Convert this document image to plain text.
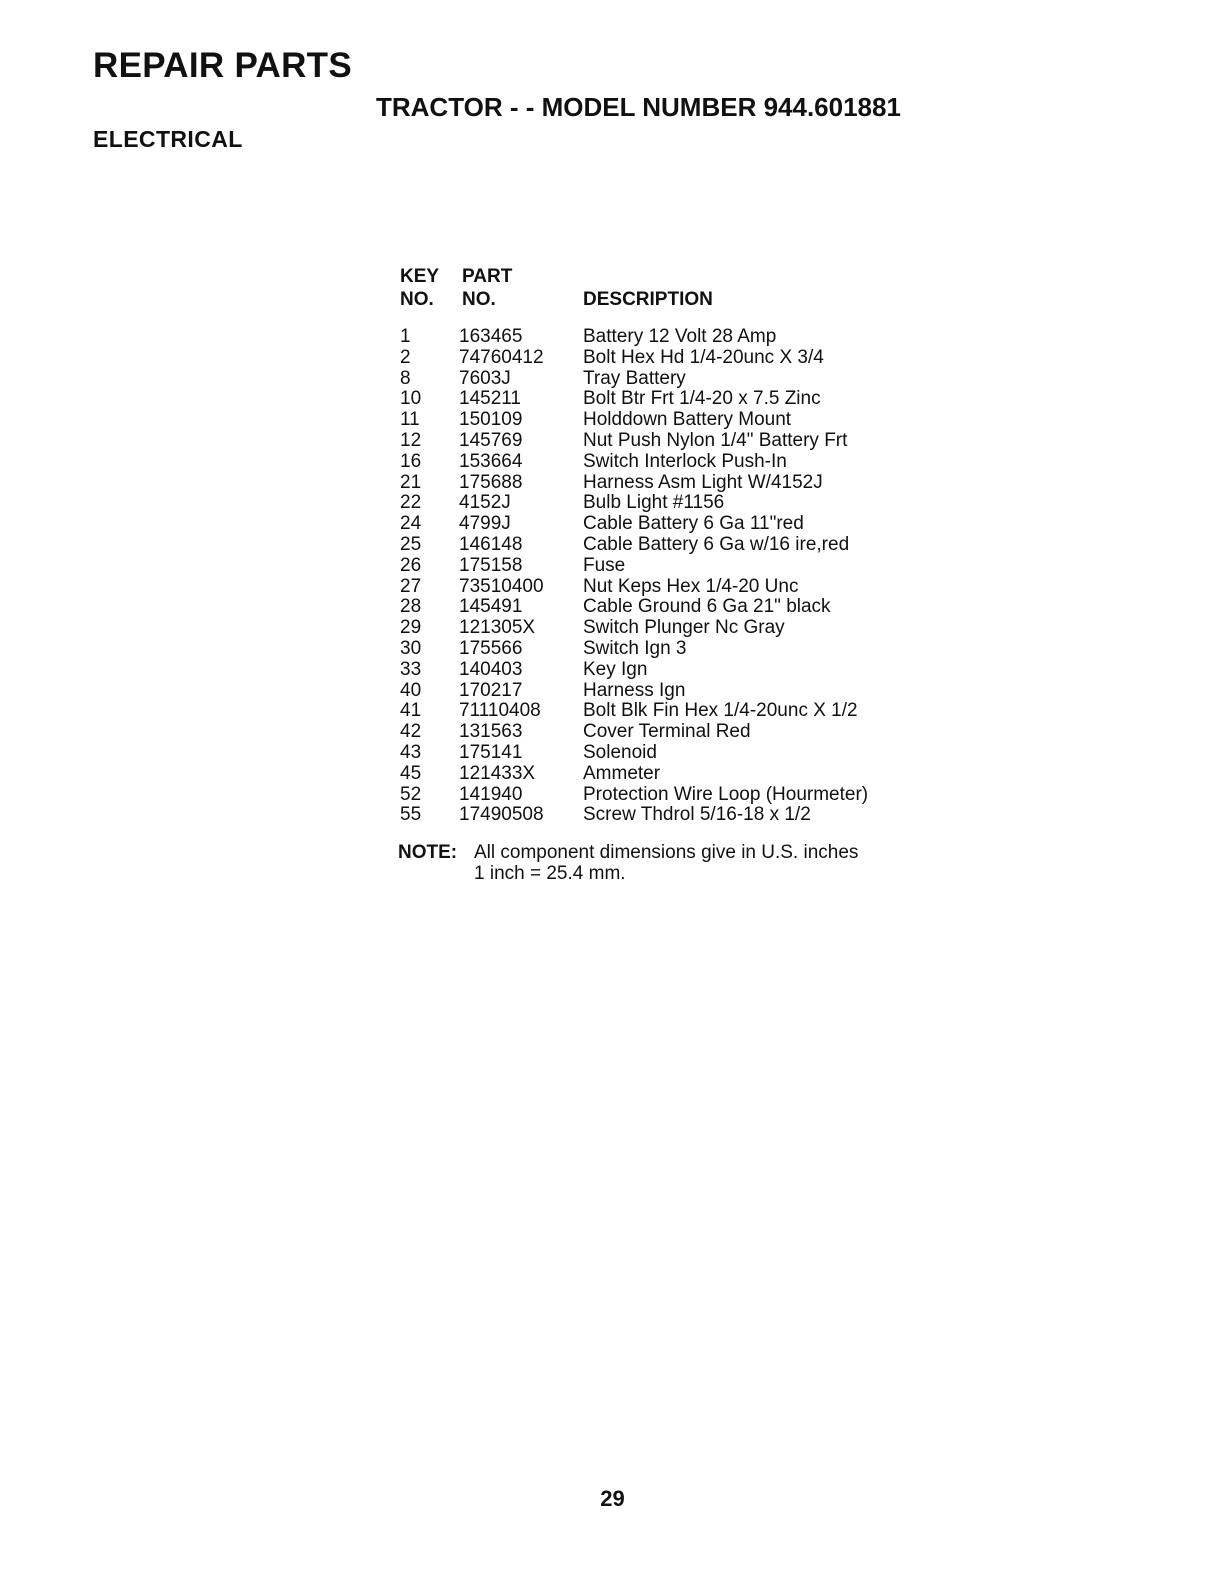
REPAIR PARTS
TRACTOR - - MODEL NUMBER 944.601881
ELECTRICAL
KEY
NO.
PART
NO.	DESCRIPTION
1	163465	Battery 12 Volt 28 Amp
2	74760412 Bolt Hex Hd 1/4-20unc X 3/4
8	7603J	Tray Battery
10 145211	Bolt Btr Frt 1/4-20 x 7.5 Zinc
11 150109	Holddown Battery Mount
12 145769	Nut Push Nylon 1/4" Battery Frt
16 153664	Switch Interlock Push-In
21 175688	Harness Asm Light W/4152J
22 4152J	Bulb Light #1156
24 4799J	Cable Battery 6 Ga 11"red
25 146148	Cable Battery 6 Ga w/16 ire,red
26 175158	Fuse
27 73510400 Nut Keps Hex 1/4-20 Unc
28 145491	Cable Ground 6 Ga 21" black
29 121305X	Switch Plunger Nc Gray
30 175566	Switch Ign 3
33 140403	Key Ign
40 170217	Harness Ign
41 71110408 Bolt Blk Fin Hex 1/4-20unc X 1/2
42 131563	Cover Terminal Red
43 175141	Solenoid
45 121433X	Ammeter
52 141940	Protection Wire Loop (Hourmeter)
55 17490508 Screw Thdrol 5/16-18 x 1/2
NOTE: All component dimensions give in U.S. inches
1 inch = 25.4 mm.
29
